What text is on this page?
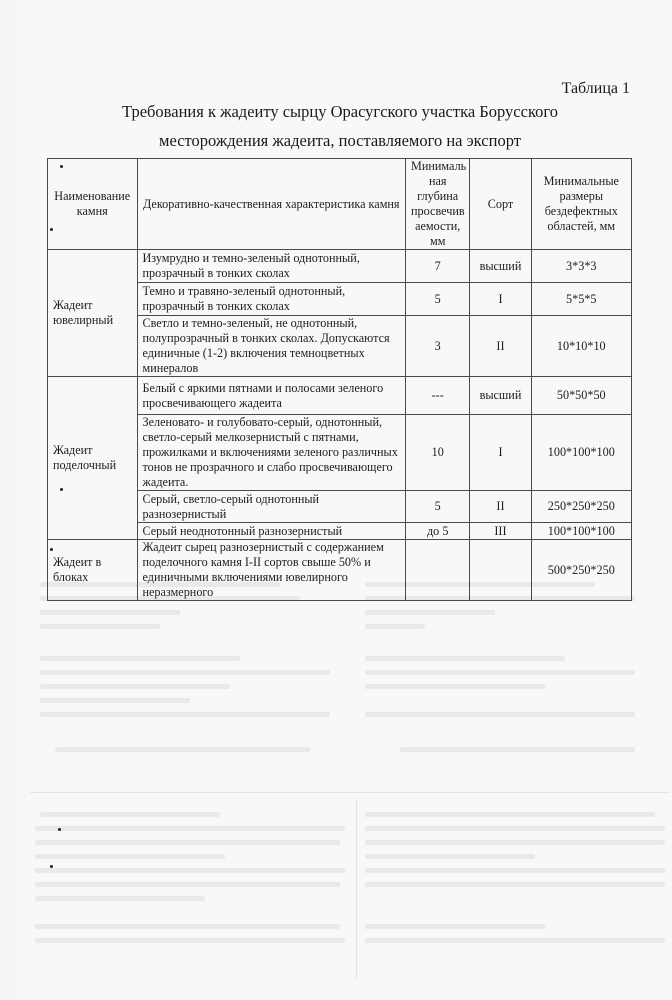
Таблица 1
Требования к жадеиту сырцу Орасугского участка Борусского
месторождения жадеита, поставляемого на экспорт
Наименование камня	Декоративно-качественная характеристика камня	Минималь ная глубина просвечив аемости, мм	Сорт	Минимальные размеры бездефектных областей, мм
Жадеит ювелирный	Изумрудно и темно-зеленый однотонный, прозрачный в тонких сколах	7	высший	3*3*3
	Темно и травяно-зеленый однотонный, прозрачный в тонких сколах	5	I	5*5*5
	Светло и темно-зеленый, не однотонный, полупрозрачный в тонких сколах. Допускаются единичные (1-2) включения темноцветных минералов	3	II	10*10*10
Жадеит поделочный	Белый с яркими пятнами и полосами зеленого просвечивающего жадеита	---	высший	50*50*50
	Зеленовато- и голубовато-серый, однотонный, светло-серый мелкозернистый с пятнами, прожилками и включениями зеленого различных тонов не прозрачного и слабо просвечивающего жадеита.	10	I	100*100*100
	Серый, светло-серый однотонный разнозернистый	5	II	250*250*250
	Серый неоднотонный разнозернистый	до 5	III	100*100*100
Жадеит в блоках	Жадеит сырец разнозернистый с содержанием поделочного камня I-II сортов свыше 50% и единичными включениями ювелирного неразмерного			500*250*250
